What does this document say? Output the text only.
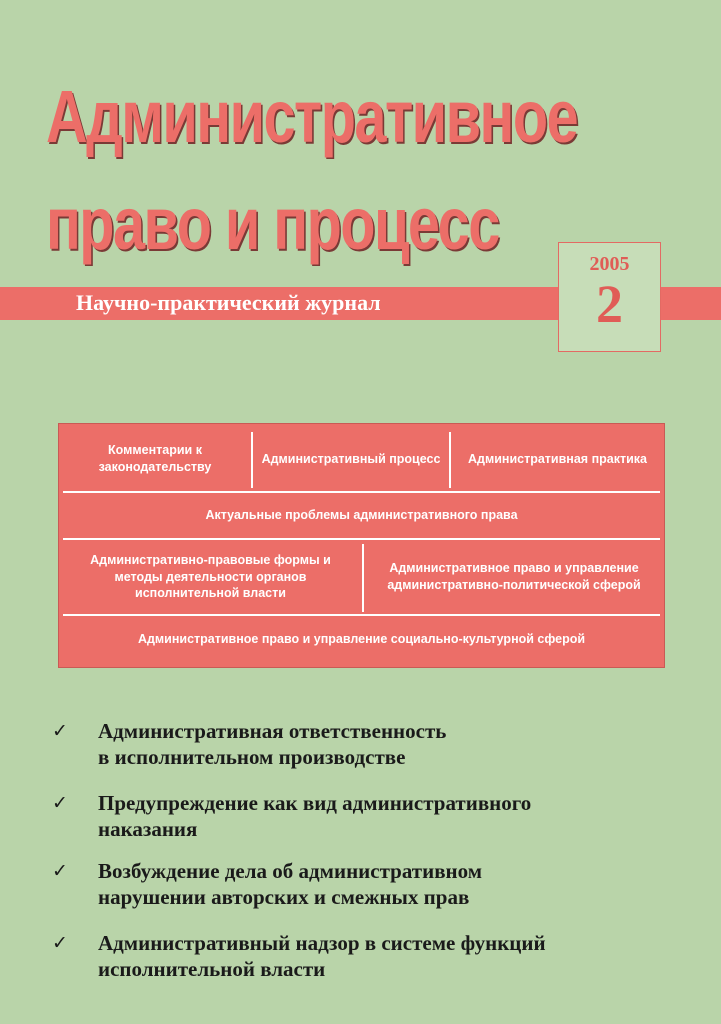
Административное
право и процесс
Научно-практический журнал
2005
2
Комментарии к законодательству
Административный процесс	Административная практика
Актуальные проблемы административного права
Административно-правовые формы и методы деятельности органов исполнительной власти
Административное право и управление административно-политической сферой
Административное право и управление социально-культурной сферой
✓	Административная ответственность
в исполнительном производстве
✓	Предупреждение как вид административного
наказания
✓	Возбуждение дела об административном
нарушении авторских и смежных прав
✓	Административный надзор в системе функций
исполнительной власти
